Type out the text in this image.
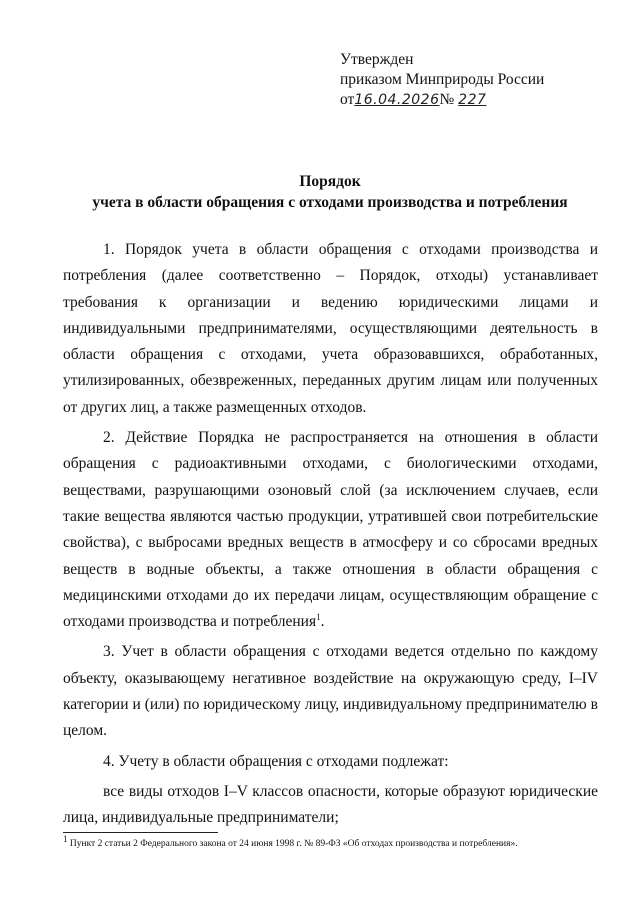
Утвержден
приказом Минприроды России
от16.04.2026№ 227
Порядок
учета в области обращения с отходами производства и потребления

1. Порядок учета в области обращения с отходами производства и потребления (далее соответственно – Порядок, отходы) устанавливает требования к организации и ведению юридическими лицами и индивидуальными предпринимателями, осуществляющими деятельность в области обращения с отходами, учета образовавшихся, обработанных, утилизированных, обезвреженных, переданных другим лицам или полученных от других лиц, а также размещенных отходов.

2. Действие Порядка не распространяется на отношения в области обращения с радиоактивными отходами, с биологическими отходами, веществами, разрушающими озоновый слой (за исключением случаев, если такие вещества являются частью продукции, утратившей свои потребительские свойства), с выбросами вредных веществ в атмосферу и со сбросами вредных веществ в водные объекты, а также отношения в области обращения с медицинскими отходами до их передачи лицам, осуществляющим обращение с отходами производства и потребления$^1$.

3. Учет в области обращения с отходами ведется отдельно по каждому объекту, оказывающему негативное воздействие на окружающую среду, I–IV категории и (или) по юридическому лицу, индивидуальному предпринимателю в целом.

4. Учету в области обращения с отходами подлежат:

все виды отходов I–V классов опасности, которые образуют юридические лица, индивидуальные предприниматели;

$^1$ Пункт 2 статьи 2 Федерального закона от 24 июня 1998 г. № 89-ФЗ «Об отходах производства и потребления».
